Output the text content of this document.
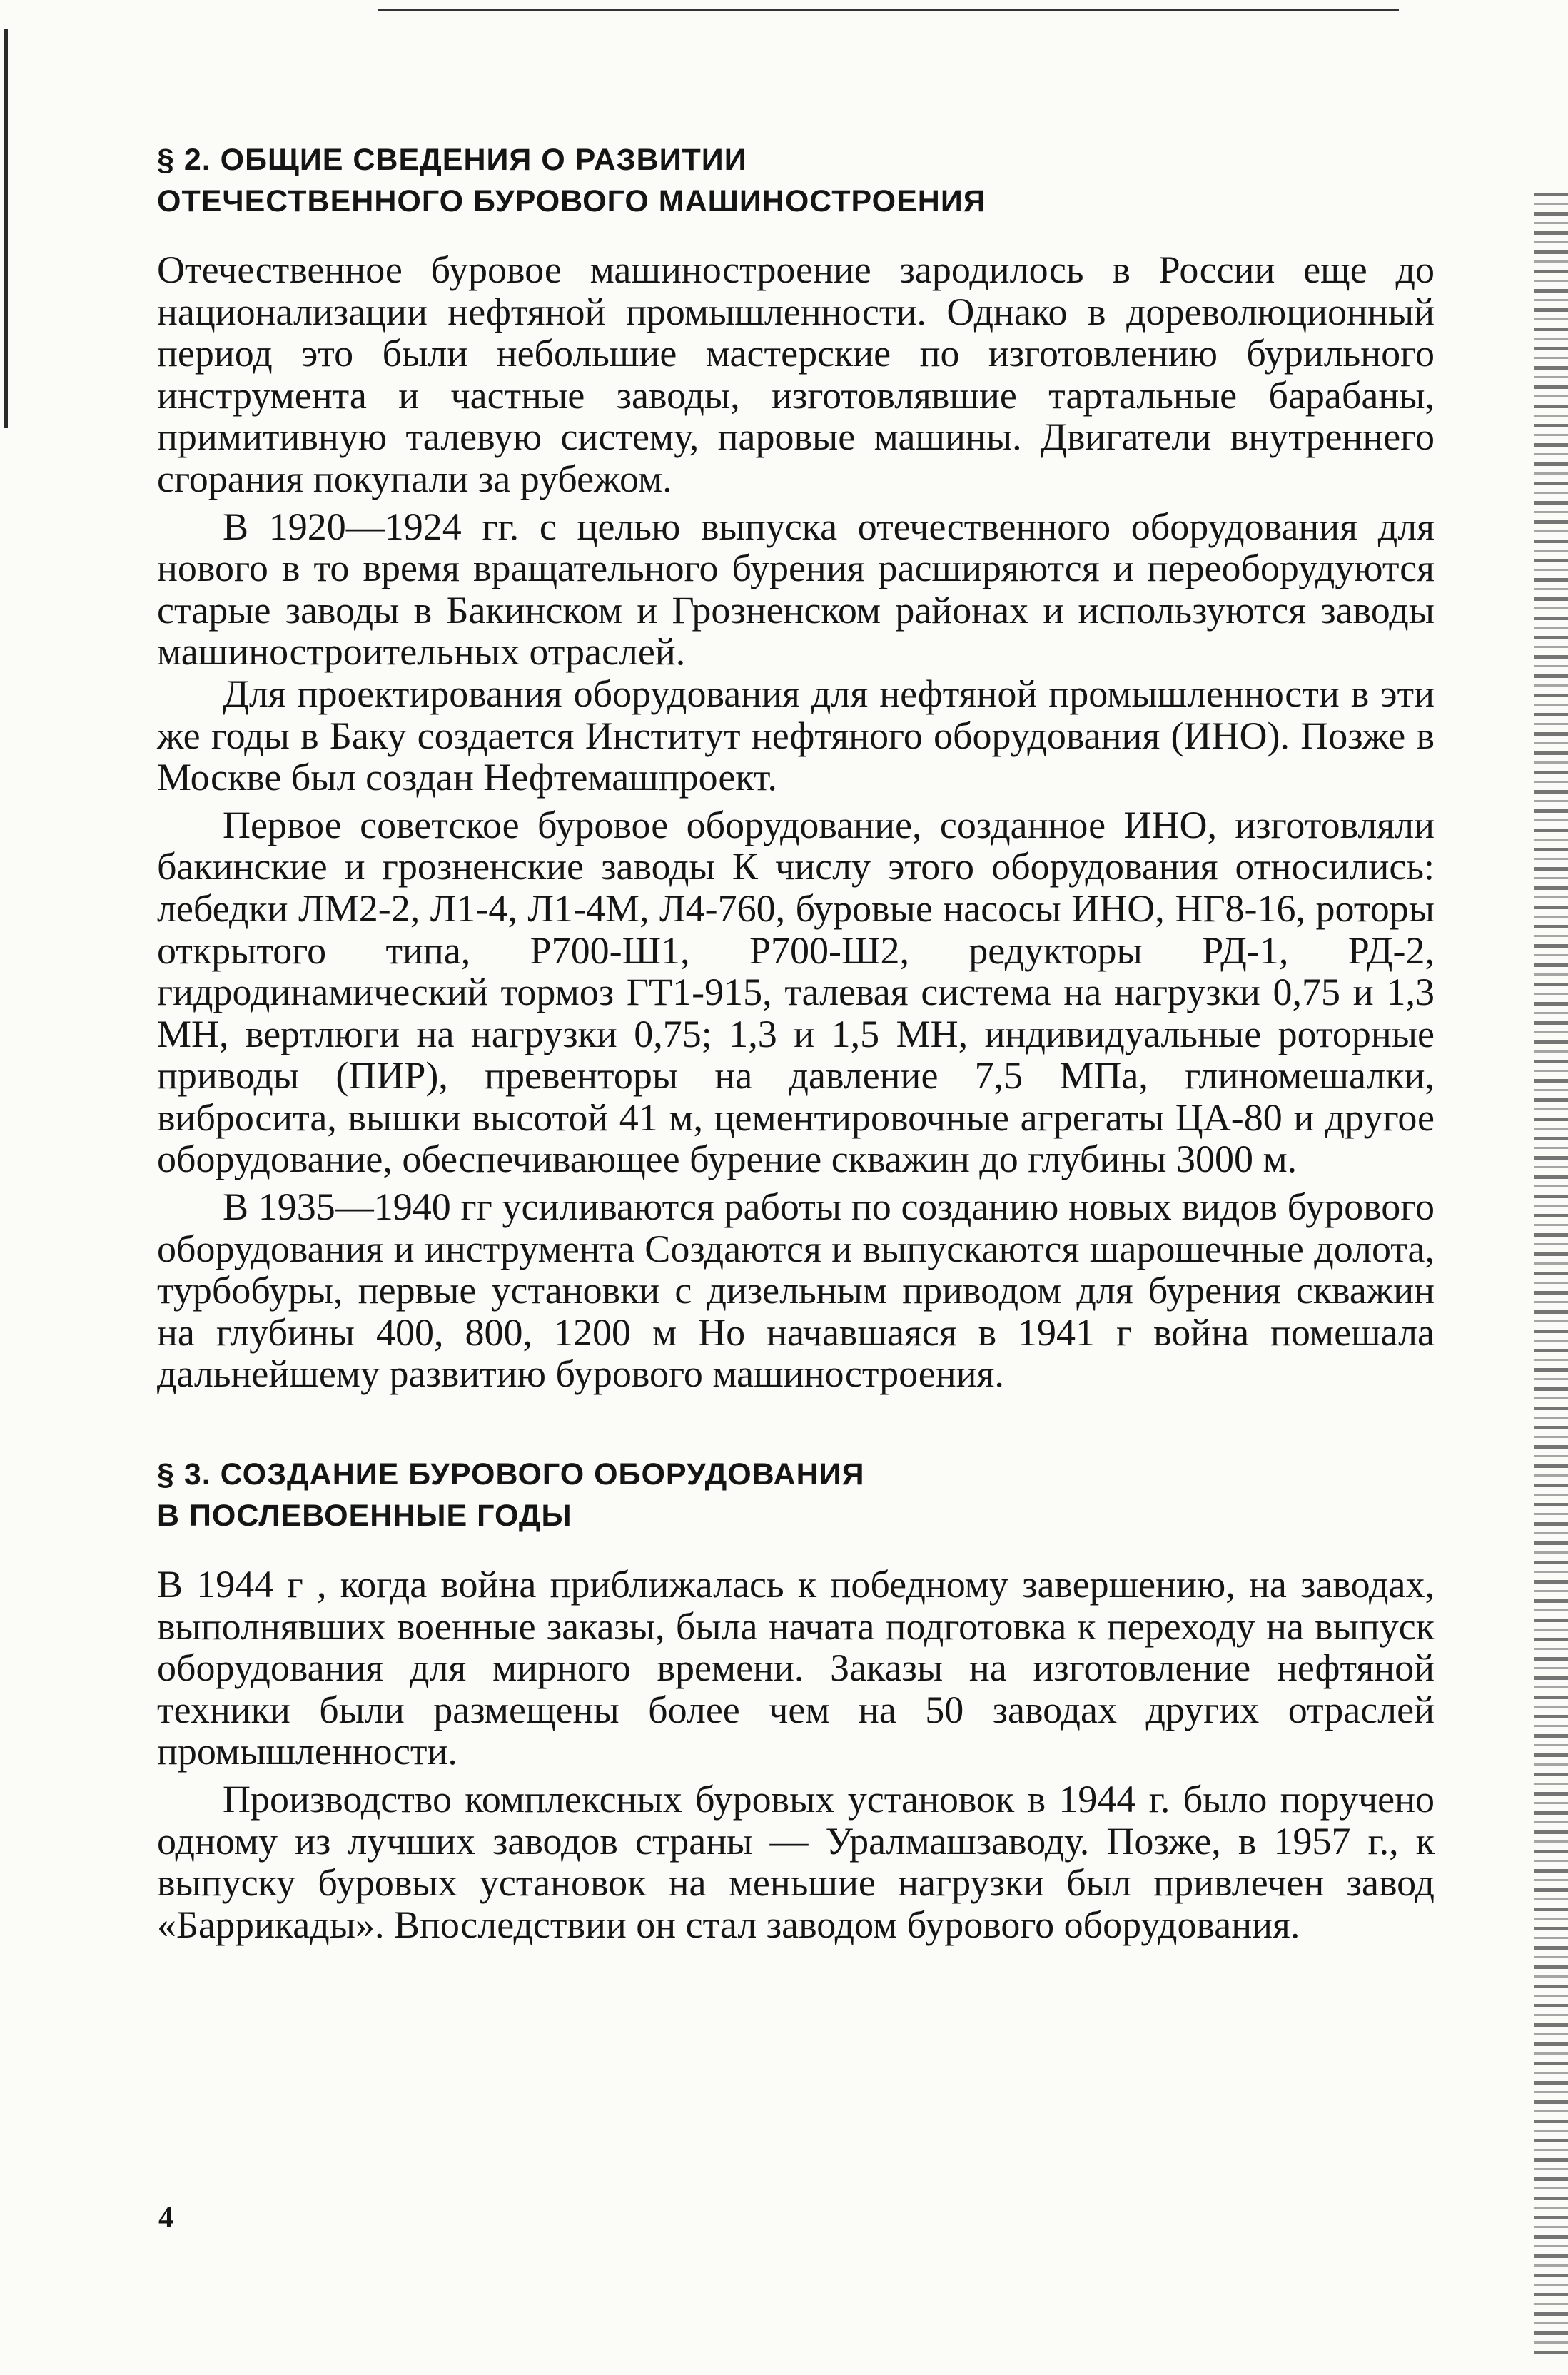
§ 2. ОБЩИЕ СВЕДЕНИЯ О РАЗВИТИИ
ОТЕЧЕСТВЕННОГО БУРОВОГО МАШИНОСТРОЕНИЯ

Отечественное буровое машиностроение зародилось в России еще до национализации нефтяной промышленности. Однако в дореволюционный период это были небольшие мастерские по изготовлению бурильного инструмента и частные заводы, изготовлявшие тартальные барабаны, примитивную талевую систему, паровые машины. Двигатели внутреннего сгорания покупали за рубежом.

В 1920—1924 гг. с целью выпуска отечественного оборудования для нового в то время вращательного бурения расширяются и переоборудуются старые заводы в Бакинском и Грозненском районах и используются заводы машиностроительных отраслей.

Для проектирования оборудования для нефтяной промышленности в эти же годы в Баку создается Институт нефтяного оборудования (ИНО). Позже в Москве был создан Нефтемашпроект.

Первое советское буровое оборудование, созданное ИНО, изготовляли бакинские и грозненские заводы К числу этого оборудования относились: лебедки ЛМ2-2, Л1-4, Л1-4М, Л4-760, буровые насосы ИНО, НГ8-16, роторы открытого типа, Р700-Ш1, Р700-Ш2, редукторы РД-1, РД-2, гидродинамический тормоз ГТ1-915, талевая система на нагрузки 0,75 и 1,3 МН, вертлюги на нагрузки 0,75; 1,3 и 1,5 МН, индивидуальные роторные приводы (ПИР), превенторы на давление 7,5 МПа, глиномешалки, вибросита, вышки высотой 41 м, цементировочные агрегаты ЦА-80 и другое оборудование, обеспечивающее бурение скважин до глубины 3000 м.

В 1935—1940 гг усиливаются работы по созданию новых видов бурового оборудования и инструмента Создаются и выпускаются шарошечные долота, турбобуры, первые установки с дизельным приводом для бурения скважин на глубины 400, 800, 1200 м Но начавшаяся в 1941 г война помешала дальнейшему развитию бурового машиностроения.

§ 3. СОЗДАНИЕ БУРОВОГО ОБОРУДОВАНИЯ
В ПОСЛЕВОЕННЫЕ ГОДЫ

В 1944 г , когда война приближалась к победному завершению, на заводах, выполнявших военные заказы, была начата подготовка к переходу на выпуск оборудования для мирного времени. Заказы на изготовление нефтяной техники были размещены более чем на 50 заводах других отраслей промышленности.

Производство комплексных буровых установок в 1944 г. было поручено одному из лучших заводов страны — Уралмашзаводу. Позже, в 1957 г., к выпуску буровых установок на меньшие нагрузки был привлечен завод «Баррикады». Впоследствии он стал заводом бурового оборудования.

4
